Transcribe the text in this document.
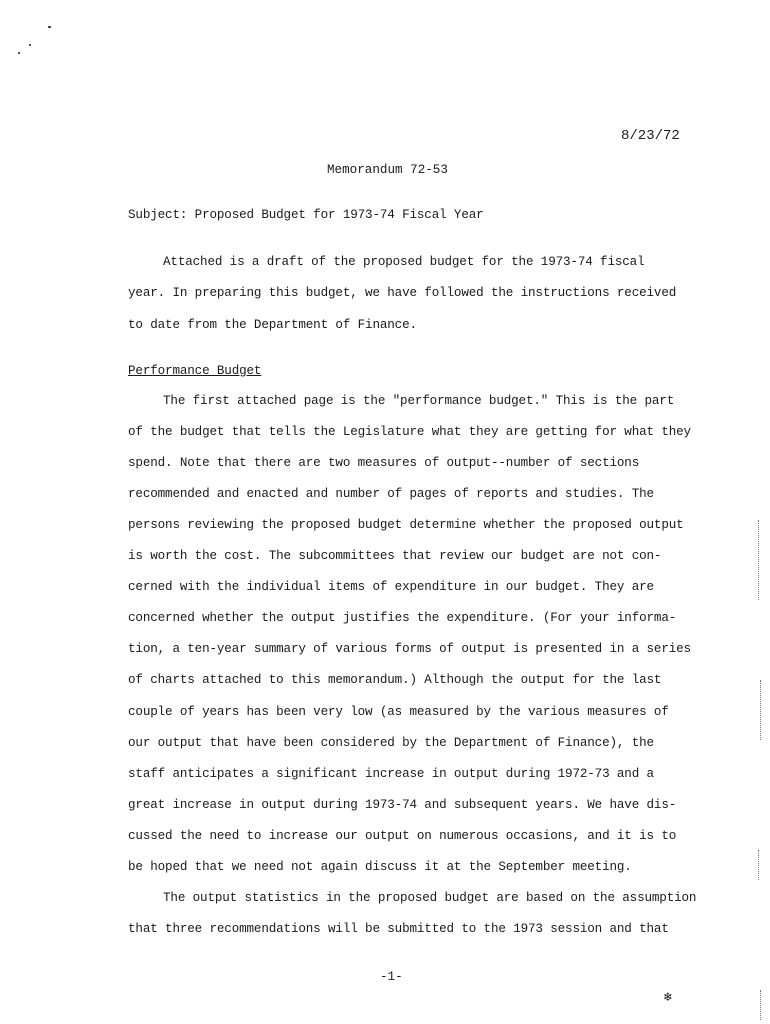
❄
8/23/72
Memorandum 72-53
Subject: Proposed Budget for 1973-74 Fiscal Year
Attached is a draft of the proposed budget for the 1973-74 fiscal
year. In preparing this budget, we have followed the instructions received
to date from the Department of Finance.
Performance Budget
The first attached page is the "performance budget." This is the part
of the budget that tells the Legislature what they are getting for what they
spend. Note that there are two measures of output--number of sections
recommended and enacted and number of pages of reports and studies. The
persons reviewing the proposed budget determine whether the proposed output
is worth the cost. The subcommittees that review our budget are not con-
cerned with the individual items of expenditure in our budget. They are
concerned whether the output justifies the expenditure. (For your informa-
tion, a ten-year summary of various forms of output is presented in a series
of charts attached to this memorandum.) Although the output for the last
couple of years has been very low (as measured by the various measures of
our output that have been considered by the Department of Finance), the
staff anticipates a significant increase in output during 1972-73 and a
great increase in output during 1973-74 and subsequent years. We have dis-
cussed the need to increase our output on numerous occasions, and it is to
be hoped that we need not again discuss it at the September meeting.
The output statistics in the proposed budget are based on the assumption
that three recommendations will be submitted to the 1973 session and that
-1-
